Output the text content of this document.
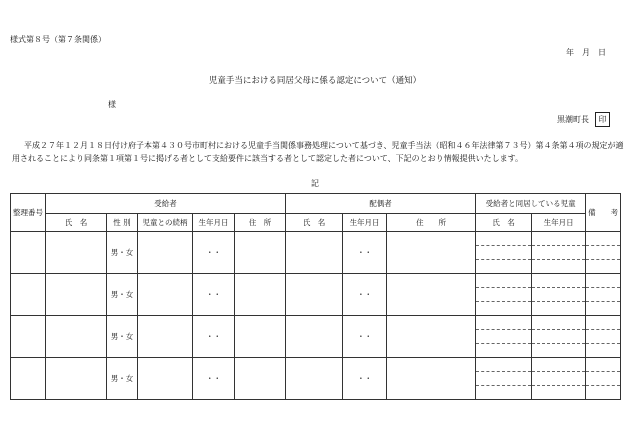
様式第８号（第７条関係）
年　月　日
児童手当における同居父母に係る認定について（通知）
様
黒潮町長	印
平成２７年１２月１８日付け府子本第４３０号市町村における児童手当関係事務処理について基づき、児童手当法（昭和４６年法律第７３号）第４条第４項の規定が適用されることにより同条第１項第１号に掲げる者として支給要件に該当する者として認定した者について、下記のとおり情報提供いたします。
記
整理番号	受給者					配偶者			受給者と同居している児童		備　　考
	氏　名	性 別	児童との続柄	生年月日	住　所	氏　名	生年月日	住　　所	氏　名	生年月日	
		男・女		・・			・・		

		男・女		・・			・・		

		男・女		・・			・・		

		男・女		・・			・・		
